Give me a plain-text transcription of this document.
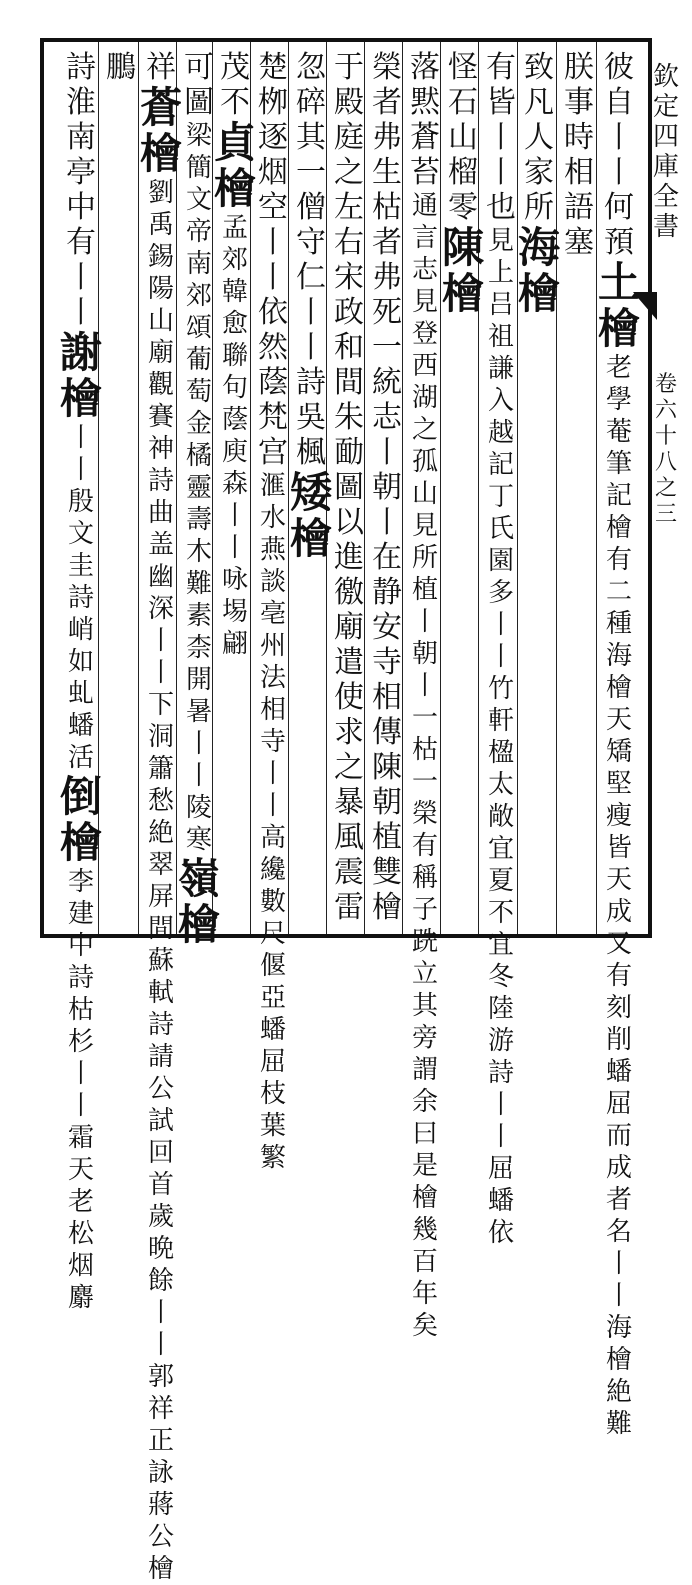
欽
定
四
庫
全
書
卷
六
十
八
之
三
彼
自
丨
丨
何
預
土
檜
老
學
菴
筆
記
檜
有
二
種
海
檜
天
矯
堅
瘦
皆
天
成
又
有
刻
削
蟠
屈
而
成
者
名
丨
丨
海
檜
絶
難
朕
事
時
相
語
塞
致
凡
人
家
所
海
檜
有
皆
丨
丨
也
見
上
吕
祖
謙
入
越
記
丁
氏
園
多
丨
丨
竹
軒
楹
太
敞
宜
夏
不
宜
冬
陸
游
詩
丨
丨
屈
蟠
依
怪
石
山
榴
零
陳
檜
落
黙
蒼
苔
通
言
志
見
登
西
湖
之
孤
山
見
所
植
丨
朝
丨
一
枯
一
榮
有
稱
子
跣
立
其
旁
謂
余
曰
是
檜
幾
百
年
矣
榮
者
弗
生
枯
者
弗
死
一
統
志
丨
朝
丨
在
静
安
寺
相
傳
陳
朝
植
雙
檜
于
殿
庭
之
左
右
宋
政
和
間
朱
勔
圖
以
進
徼
廟
遣
使
求
之
暴
風
震
雷
忽
碎
其
一
僧
守
仁
丨
丨
詩
吳
楓
矮
檜
楚
栁
逐
烟
空
丨
丨
依
然
蔭
梵
宫
滙
水
燕
談
亳
州
法
相
寺
丨
丨
高
纔
數
尺
偃
亞
蟠
屈
枝
葉
繁
茂
不
貞
檜
孟
郊
韓
愈
聯
句
蔭
庾
森
丨
丨
咏
埸
翩
可
圖
梁
簡
文
帝
南
郊
頌
葡
萄
金
橘
靈
壽
木
難
素
柰
開
暑
丨
丨
陵
寒
嶺
檜
祥
蒼
檜
劉
禹
錫
陽
山
廟
觀
賽
神
詩
曲
盖
幽
深
丨
丨
下
洞
簫
愁
絶
翠
屏
間
蘇
軾
詩
請
公
試
回
首
歲
晩
餘
丨
丨
郭
祥
正
詠
蔣
公
檜
鵬
詩
淮
南
亭
中
有
丨
丨
謝
檜
丨
丨
殷
文
圭
詩
峭
如
虬
蟠
活
倒
檜
李
建
中
詩
枯
杉
丨
丨
霜
天
老
松
烟
麝
